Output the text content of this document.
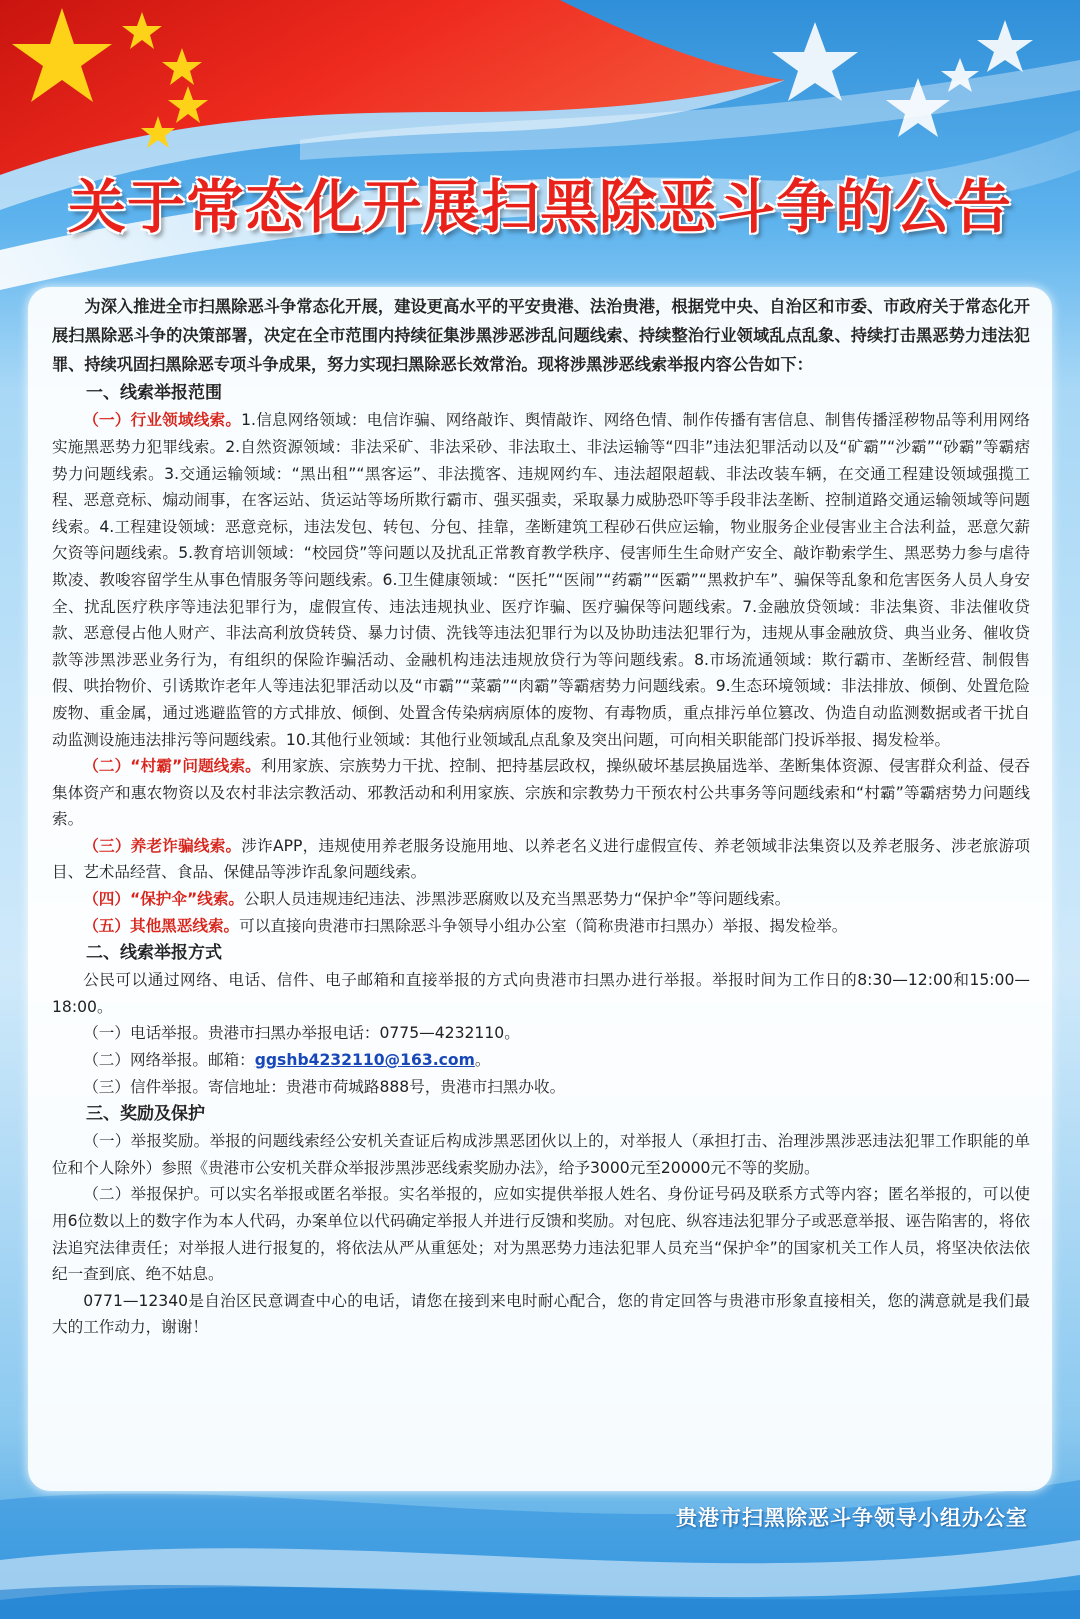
关于常态化开展扫黑除恶斗争的公告

为深入推进全市扫黑除恶斗争常态化开展，建设更高水平的平安贵港、法治贵港，根据党中央、自治区和市委、市政府关于常态化开展扫黑除恶斗争的决策部署，决定在全市范围内持续征集涉黑涉恶涉乱问题线索、持续整治行业领域乱点乱象、持续打击黑恶势力违法犯罪、持续巩固扫黑除恶专项斗争成果，努力实现扫黑除恶长效常治。现将涉黑涉恶线索举报内容公告如下：

一、线索举报范围

（一）行业领域线索。1.信息网络领域：电信诈骗、网络敲诈、舆情敲诈、网络色情、制作传播有害信息、制售传播淫秽物品等利用网络实施黑恶势力犯罪线索。2.自然资源领域：非法采矿、非法采砂、非法取土、非法运输等“四非”违法犯罪活动以及“矿霸”“沙霸”“砂霸”等霸痞势力问题线索。3.交通运输领域：“黑出租”“黑客运”、非法揽客、违规网约车、违法超限超载、非法改装车辆，在交通工程建设领域强揽工程、恶意竞标、煽动闹事，在客运站、货运站等场所欺行霸市、强买强卖，采取暴力威胁恐吓等手段非法垄断、控制道路交通运输领域等问题线索。4.工程建设领域：恶意竞标，违法发包、转包、分包、挂靠，垄断建筑工程砂石供应运输，物业服务企业侵害业主合法利益，恶意欠薪欠资等问题线索。5.教育培训领域：“校园贷”等问题以及扰乱正常教育教学秩序、侵害师生生命财产安全、敲诈勒索学生、黑恶势力参与虐待欺凌、教唆容留学生从事色情服务等问题线索。6.卫生健康领域：“医托”“医闹”“药霸”“医霸”“黑救护车”、骗保等乱象和危害医务人员人身安全、扰乱医疗秩序等违法犯罪行为，虚假宣传、违法违规执业、医疗诈骗、医疗骗保等问题线索。7.金融放贷领域：非法集资、非法催收贷款、恶意侵占他人财产、非法高利放贷转贷、暴力讨债、洗钱等违法犯罪行为以及协助违法犯罪行为，违规从事金融放贷、典当业务、催收贷款等涉黑涉恶业务行为，有组织的保险诈骗活动、金融机构违法违规放贷行为等问题线索。8.市场流通领域：欺行霸市、垄断经营、制假售假、哄抬物价、引诱欺诈老年人等违法犯罪活动以及“市霸”“菜霸”“肉霸”等霸痞势力问题线索。9.生态环境领域：非法排放、倾倒、处置危险废物、重金属，通过逃避监管的方式排放、倾倒、处置含传染病病原体的废物、有毒物质，重点排污单位篡改、伪造自动监测数据或者干扰自动监测设施违法排污等问题线索。10.其他行业领域：其他行业领域乱点乱象及突出问题，可向相关职能部门投诉举报、揭发检举。

（二）“村霸”问题线索。利用家族、宗族势力干扰、控制、把持基层政权，操纵破坏基层换届选举、垄断集体资源、侵害群众利益、侵吞集体资产和惠农物资以及农村非法宗教活动、邪教活动和利用家族、宗族和宗教势力干预农村公共事务等问题线索和“村霸”等霸痞势力问题线索。

（三）养老诈骗线索。涉诈APP，违规使用养老服务设施用地、以养老名义进行虚假宣传、养老领域非法集资以及养老服务、涉老旅游项目、艺术品经营、食品、保健品等涉诈乱象问题线索。

（四）“保护伞”线索。公职人员违规违纪违法、涉黑涉恶腐败以及充当黑恶势力“保护伞”等问题线索。

（五）其他黑恶线索。可以直接向贵港市扫黑除恶斗争领导小组办公室（简称贵港市扫黑办）举报、揭发检举。

二、线索举报方式

公民可以通过网络、电话、信件、电子邮箱和直接举报的方式向贵港市扫黑办进行举报。举报时间为工作日的8:30—12:00和15:00—18:00。

（一）电话举报。贵港市扫黑办举报电话：0775—4232110。

（二）网络举报。邮箱：ggshb4232110@163.com。

（三）信件举报。寄信地址：贵港市荷城路888号，贵港市扫黑办收。

三、奖励及保护

（一）举报奖励。举报的问题线索经公安机关查证后构成涉黑恶团伙以上的，对举报人（承担打击、治理涉黑涉恶违法犯罪工作职能的单位和个人除外）参照《贵港市公安机关群众举报涉黑涉恶线索奖励办法》，给予3000元至20000元不等的奖励。

（二）举报保护。可以实名举报或匿名举报。实名举报的，应如实提供举报人姓名、身份证号码及联系方式等内容；匿名举报的，可以使用6位数以上的数字作为本人代码，办案单位以代码确定举报人并进行反馈和奖励。对包庇、纵容违法犯罪分子或恶意举报、诬告陷害的，将依法追究法律责任；对举报人进行报复的，将依法从严从重惩处；对为黑恶势力违法犯罪人员充当“保护伞”的国家机关工作人员，将坚决依法依纪一查到底、绝不姑息。

0771—12340是自治区民意调查中心的电话，请您在接到来电时耐心配合，您的肯定回答与贵港市形象直接相关，您的满意就是我们最大的工作动力，谢谢！

贵港市扫黑除恶斗争领导小组办公室
